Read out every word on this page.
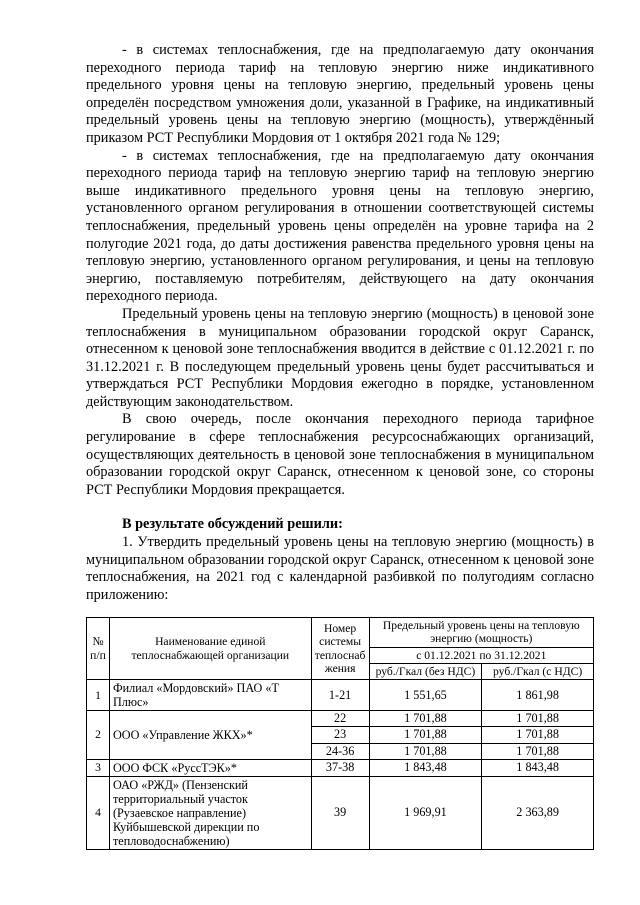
- в системах теплоснабжения, где на предполагаемую дату окончания переходного периода тариф на тепловую энергию ниже индикативного предельного уровня цены на тепловую энергию, предельный уровень цены определён посредством умножения доли, указанной в Графике, на индикативный предельный уровень цены на тепловую энергию (мощность), утверждённый приказом РСТ Республики Мордовия от 1 октября 2021 года № 129;

- в системах теплоснабжения, где на предполагаемую дату окончания переходного периода тариф на тепловую энергию тариф на тепловую энергию выше индикативного предельного уровня цены на тепловую энергию, установленного органом регулирования в отношении соответствующей системы теплоснабжения, предельный уровень цены определён на уровне тарифа на 2 полугодие 2021 года, до даты достижения равенства предельного уровня цены на тепловую энергию, установленного органом регулирования, и цены на тепловую энергию, поставляемую потребителям, действующего на дату окончания переходного периода.

Предельный уровень цены на тепловую энергию (мощность) в ценовой зоне теплоснабжения в муниципальном образовании городской округ Саранск, отнесенном к ценовой зоне теплоснабжения вводится в действие с 01.12.2021 г. по 31.12.2021 г. В последующем предельный уровень цены будет рассчитываться и утверждаться РСТ Республики Мордовия ежегодно в порядке, установленном действующим законодательством.

В свою очередь, после окончания переходного периода тарифное регулирование в сфере теплоснабжения ресурсоснабжающих организаций, осуществляющих деятельность в ценовой зоне теплоснабжения в муниципальном образовании городской округ Саранск, отнесенном к ценовой зоне, со стороны РСТ Республики Мордовия прекращается.

В результате обсуждений решили:

1. Утвердить предельный уровень цены на тепловую энергию (мощность) в муниципальном образовании городской округ Саранск, отнесенном к ценовой зоне теплоснабжения, на 2021 год с календарной разбивкой по полугодиям согласно приложению:

№ п/п	Наименование единой теплоснабжающей организации	Номер системы теплоснаб жения	Предельный уровень цены на тепловую энергию (мощность)	
			с 01.12.2021 по 31.12.2021	
			руб./Гкал (без НДС)	руб./Гкал (с НДС)
1	Филиал «Мордовский» ПАО «Т Плюс»	1-21	1 551,65	1 861,98
2	ООО «Управление ЖКХ»*	22	1 701,88	1 701,88
		23	1 701,88	1 701,88
		24-36	1 701,88	1 701,88
3	ООО ФСК «РуссТЭК»*	37-38	1 843,48	1 843,48
4	ОАО «РЖД» (Пензенский территориальный участок (Рузаевское направление) Куйбышевской дирекции по тепловодоснабжению)	39	1 969,91	2 363,89
